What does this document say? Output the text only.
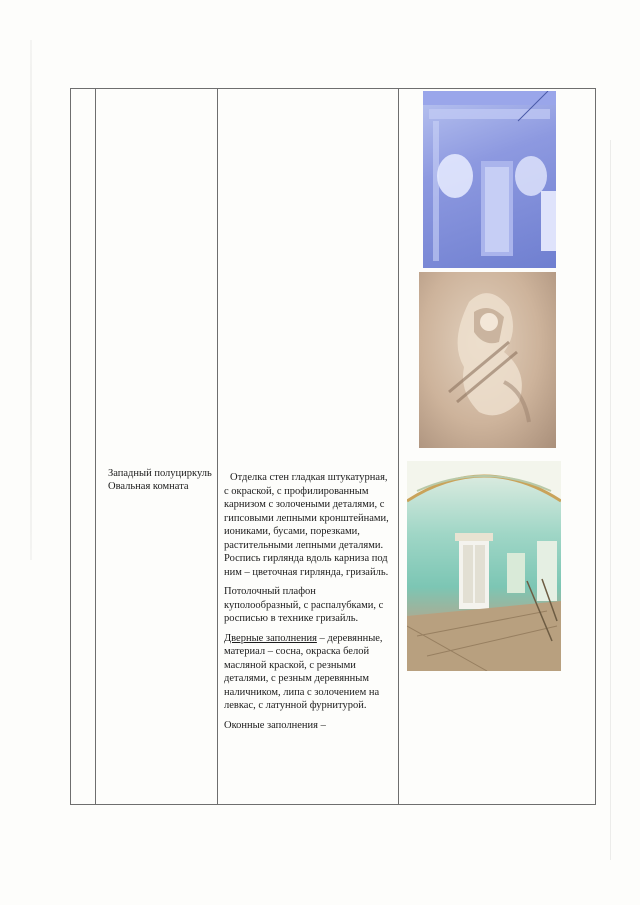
Западный полуциркуль Овальная комната

Отделка стен гладкая штукатурная, с окраской, с профилированным карнизом с золочеными деталями, с гипсовыми лепными кронштейнами, иониками, бусами, порезками, растительными лепными деталями. Роспись гирлянда вдоль карниза под ним – цветочная гирлянда, гризайль.

Потолочный плафон куполообразный, с распалубками, с росписью в технике гризайль.

Дверные заполнения – деревянные, материал – сосна, окраска белой масляной краской, с резными деталями, с резным деревянным наличником, липа с золочением на левкас, с латунной фурнитурой.

Оконные заполнения –
